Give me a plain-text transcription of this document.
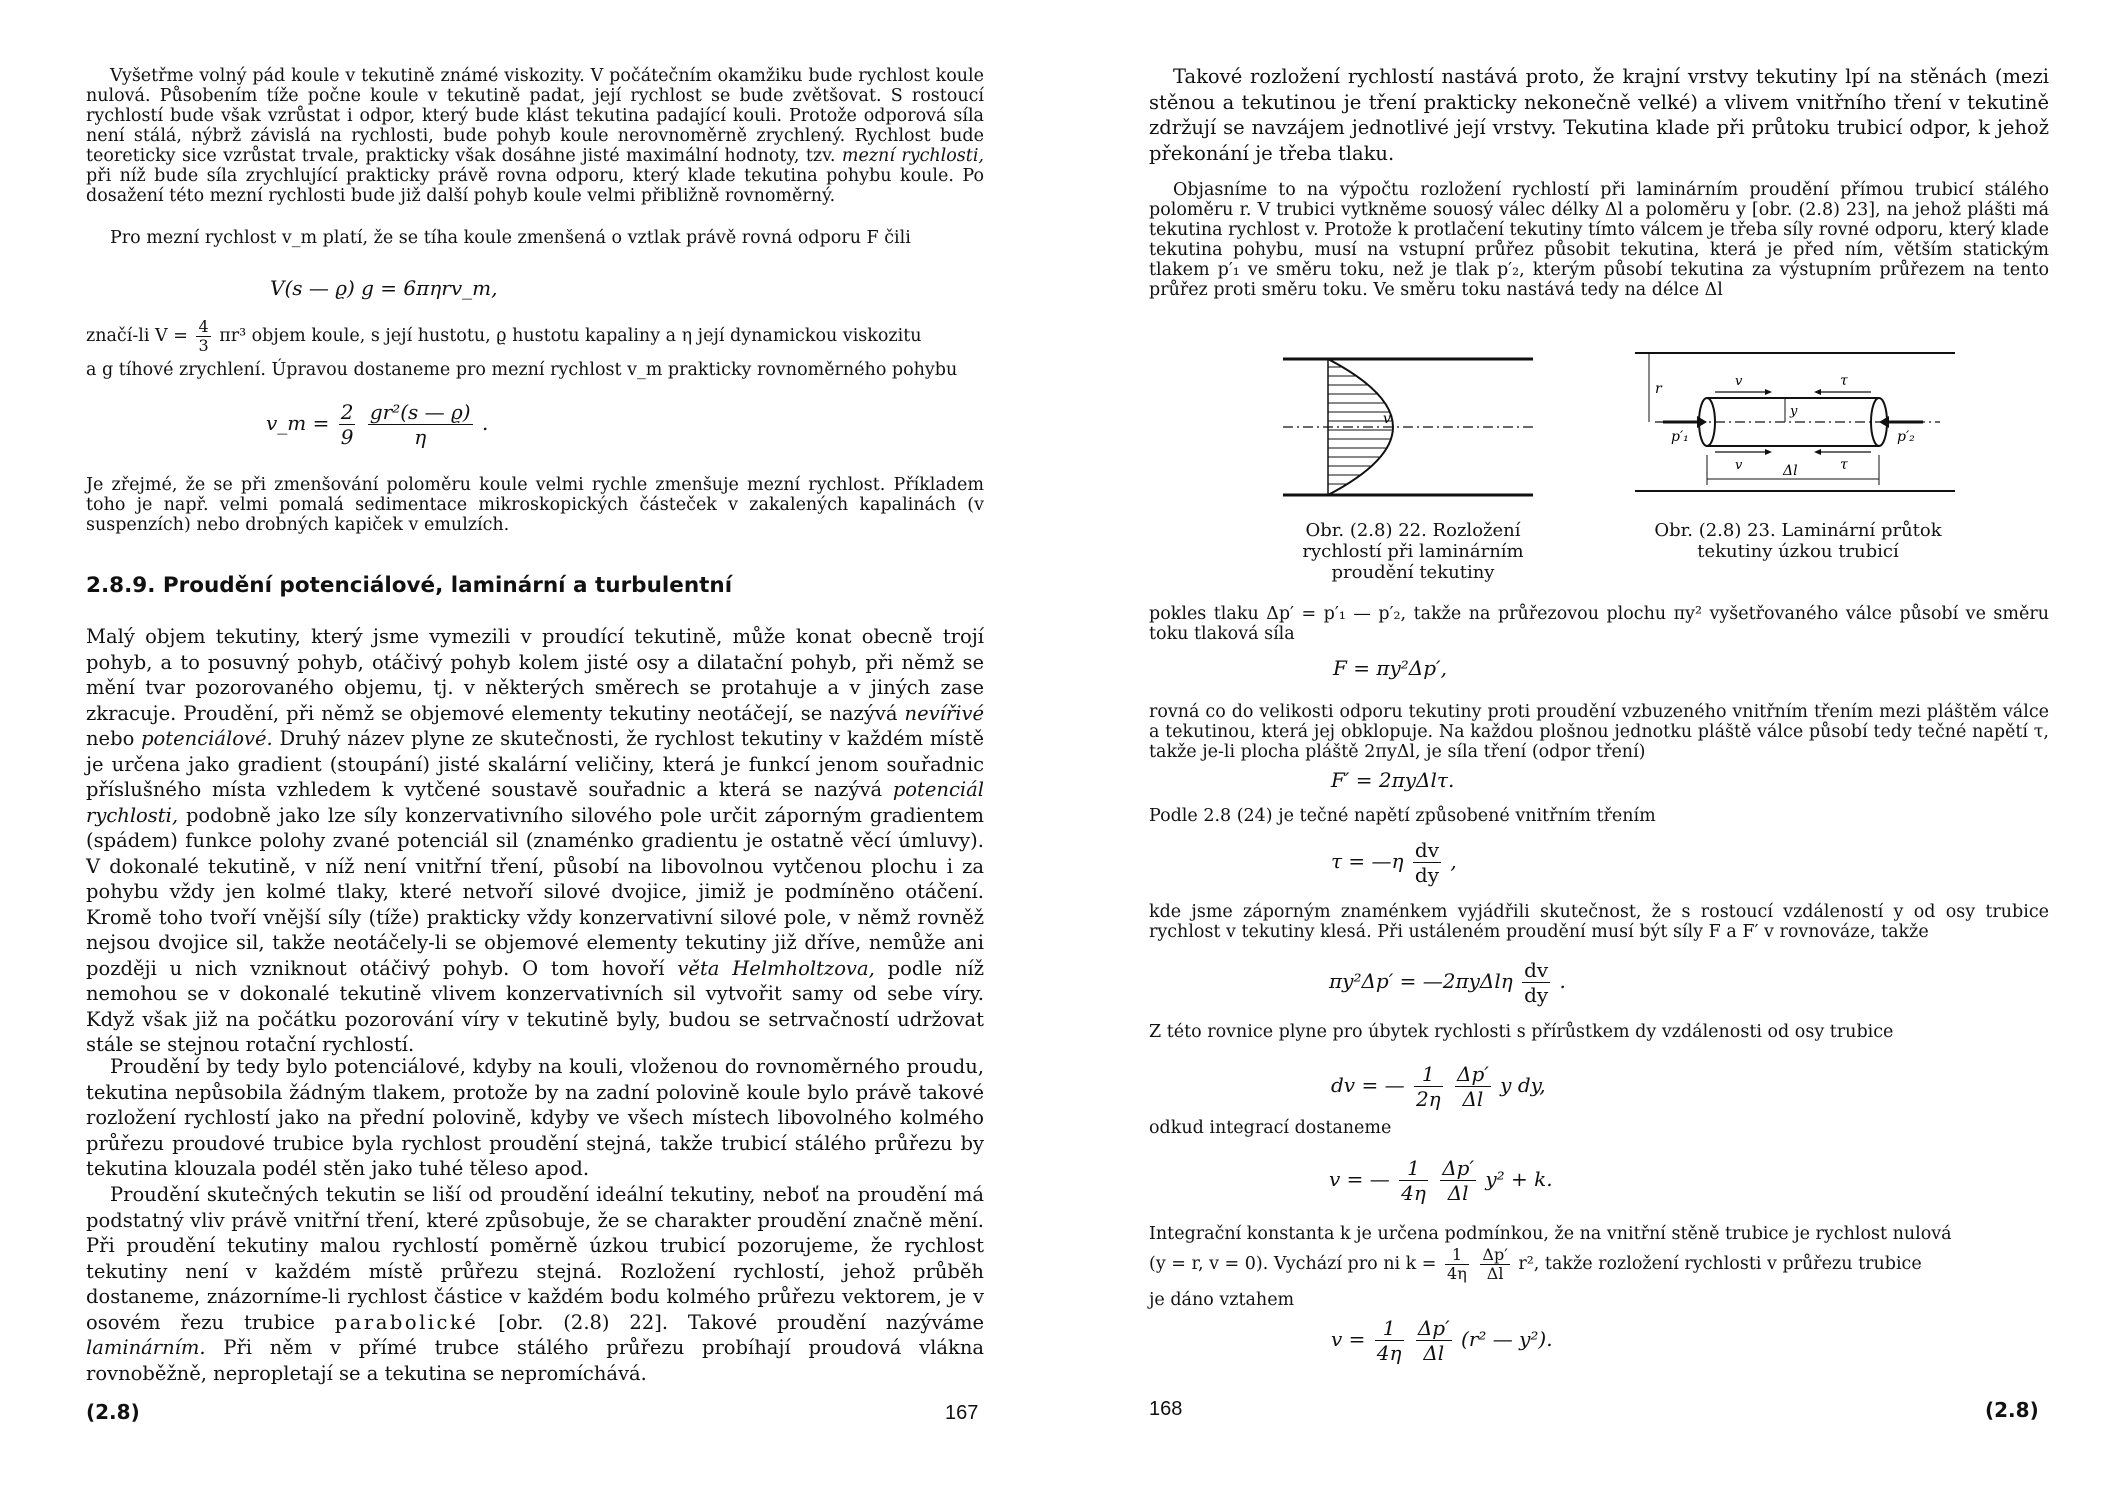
Vyšetřme volný pád koule v tekutině známé viskozity. V počátečním okamžiku bude rychlost koule nulová. Působením tíže počne koule v tekutině padat, její rychlost se bude zvětšovat. S rostoucí rychlostí bude však vzrůstat i odpor, který bude klást tekutina padající kouli. Protože odporová síla není stálá, nýbrž závislá na rychlosti, bude pohyb koule nerovnoměrně zrychlený. Rychlost bude teoreticky sice vzrůstat trvale, prakticky však dosáhne jisté maximální hodnoty, tzv. mezní rychlosti, při níž bude síla zrychlující prakticky právě rovna odporu, který klade tekutina pohybu koule. Po dosažení této mezní rychlosti bude již další pohyb koule velmi přibližně rovnoměrný.

Pro mezní rychlost v_m platí, že se tíha koule zmenšená o vztlak právě rovná odporu F čili

V(s — ϱ) g = 6πηrv_m,
značí-li $V = \frac{4}{3} \pi r^3$ objem koule, s její hustotu, ϱ hustotu kapaliny a η její dynamickou viskozitu

a g tíhové zrychlení. Úpravou dostaneme pro mezní rychlost v_m prakticky rovnoměrného pohybu

v_m = $\frac{2}{9}$
$\frac{\text{gr²(s — ϱ)}}{\eta}$ .

Je zřejmé, že se při zmenšování poloměru koule velmi rychle zmenšuje mezní rychlost. Příkladem toho je např. velmi pomalá sedimentace mikroskopických částeček v zakalených kapalinách (v suspenzích) nebo drobných kapiček v emulzích.

2.8.9. Proudění potenciálové, laminární a turbulentní

Malý objem tekutiny, který jsme vymezili v proudící tekutině, může konat obecně trojí pohyb, a to posuvný pohyb, otáčivý pohyb kolem jisté osy a dilatační pohyb, při němž se mění tvar pozorovaného objemu, tj. v některých směrech se protahuje a v jiných zase zkracuje. Proudění, při němž se objemové elementy tekutiny neotáčejí, se nazývá nevířivé nebo potenciálové. Druhý název plyne ze skutečnosti, že rychlost tekutiny v každém místě je určena jako gradient (stoupání) jisté skalární veličiny, která je funkcí jenom souřadnic příslušného místa vzhledem k vytčené soustavě souřadnic a která se nazývá potenciál rychlosti, podobně jako lze síly konzervativního silového pole určit záporným gradientem (spádem) funkce polohy zvané potenciál sil (znaménko gradientu je ostatně věcí úmluvy). V dokonalé tekutině, v níž není vnitřní tření, působí na libovolnou vytčenou plochu i za pohybu vždy jen kolmé tlaky, které netvoří silové dvojice, jimiž je podmíněno otáčení. Kromě toho tvoří vnější síly (tíže) prakticky vždy konzervativní silové pole, v němž rovněž nejsou dvojice sil, takže neotáčely-li se objemové elementy tekutiny již dříve, nemůže ani později u nich vzniknout otáčivý pohyb. O tom hovoří věta Helmholtzova, podle níž nemohou se v dokonalé tekutině vlivem konzervativních sil vytvořit samy od sebe víry. Když však již na počátku pozorování víry v tekutině byly, budou se setrvačností udržovat stále se stejnou rotační rychlostí.

Proudění by tedy bylo potenciálové, kdyby na kouli, vloženou do rovnoměrného proudu, tekutina nepůsobila žádným tlakem, protože by na zadní polovině koule bylo právě takové rozložení rychlostí jako na přední polovině, kdyby ve všech místech libovolného kolmého průřezu proudové trubice byla rychlost proudění stejná, takže trubicí stálého průřezu by tekutina klouzala podél stěn jako tuhé těleso apod.

Proudění skutečných tekutin se liší od proudění ideální tekutiny, neboť na proudění má podstatný vliv právě vnitřní tření, které způsobuje, že se charakter proudění značně mění. Při proudění tekutiny malou rychlostí poměrně úzkou trubicí pozorujeme, že rychlost tekutiny není v každém místě průřezu stejná. Rozložení rychlostí, jehož průběh dostaneme, znázorníme-li rychlost částice v každém bodu kolmého průřezu vektorem, je v osovém řezu trubice parabolické [obr. (2.8) 22]. Takové proudění nazýváme laminárním. Při něm v přímé trubce stálého průřezu probíhají proudová vlákna rovnoběžně, nepropletají se a tekutina se nepromíchává.

(2.8)	167

Takové rozložení rychlostí nastává proto, že krajní vrstvy tekutiny lpí na stěnách (mezi stěnou a tekutinou je tření prakticky nekonečně velké) a vlivem vnitřního tření v tekutině zdržují se navzájem jednotlivé její vrstvy. Tekutina klade při průtoku trubicí odpor, k jehož překonání je třeba tlaku.

Objasníme to na výpočtu rozložení rychlostí při laminárním proudění přímou trubicí stálého poloměru r. V trubici vytkněme souosý válec délky Δl a poloměru y [obr. (2.8) 23], na jehož plášti má tekutina rychlost v. Protože k protlačení tekutiny tímto válcem je třeba síly rovné odporu, který klade tekutina pohybu, musí na vstupní průřez působit tekutina, která je před ním, větším statickým tlakem p′₁ ve směru toku, než je tlak p′₂, kterým působí tekutina za výstupním průřezem na tento průřez proti směru toku. Ve směru toku nastává tedy na délce Δl

v
Obr. (2.8) 22. Rozložení rychlostí při laminárním proudění tekutiny
r	v
v
y
τ
τ
p′₁	p′₂
Δl
Obr. (2.8) 23. Laminární průtok tekutiny úzkou trubicí

pokles tlaku Δp′ = p′₁ — p′₂, takže na průřezovou plochu πy² vyšetřovaného válce působí ve směru toku tlaková síla

F = πy²Δp′,

rovná co do velikosti odporu tekutiny proti proudění vzbuzeného vnitřním třením mezi pláštěm válce a tekutinou, která jej obklopuje. Na každou plošnou jednotku pláště válce působí tedy tečné napětí τ, takže je-li plocha pláště 2πyΔl, je síla tření (odpor tření)

F′ = 2πyΔlτ.

Podle 2.8 (24) je tečné napětí způsobené vnitřním třením

τ = —η $\frac{dv}{dy}$ ,

kde jsme záporným znaménkem vyjádřili skutečnost, že s rostoucí vzdáleností y od osy trubice rychlost v tekutiny klesá. Při ustáleném proudění musí být síly F a F′ v rovnováze, takže

πy²Δp′ = —2πyΔlη $\frac{dv}{dy}$ .

Z této rovnice plyne pro úbytek rychlosti s přírůstkem dy vzdálenosti od osy trubice

dv = — $\frac{1}{2\eta}$
$\frac{\Delta p'}{\Delta l}$ y dy,

odkud integrací dostaneme

v = — $\frac{1}{4\eta}$
$\frac{\Delta p'}{\Delta l} y^2 + k$.

Integrační konstanta k je určena podmínkou, že na vnitřní stěně trubice je rychlost nulová

(y = r, v = 0). Vychází pro ni $k = \frac{1}{4\eta}$
$\frac{\Delta p'}{\Delta l} r^2$, takže rozložení rychlosti v průřezu trubice

je dáno vztahem

$v = \frac{1}{4\eta}$
$\frac{\Delta p'}{\Delta l} (r^2$ — y²).
168	(2.8)
